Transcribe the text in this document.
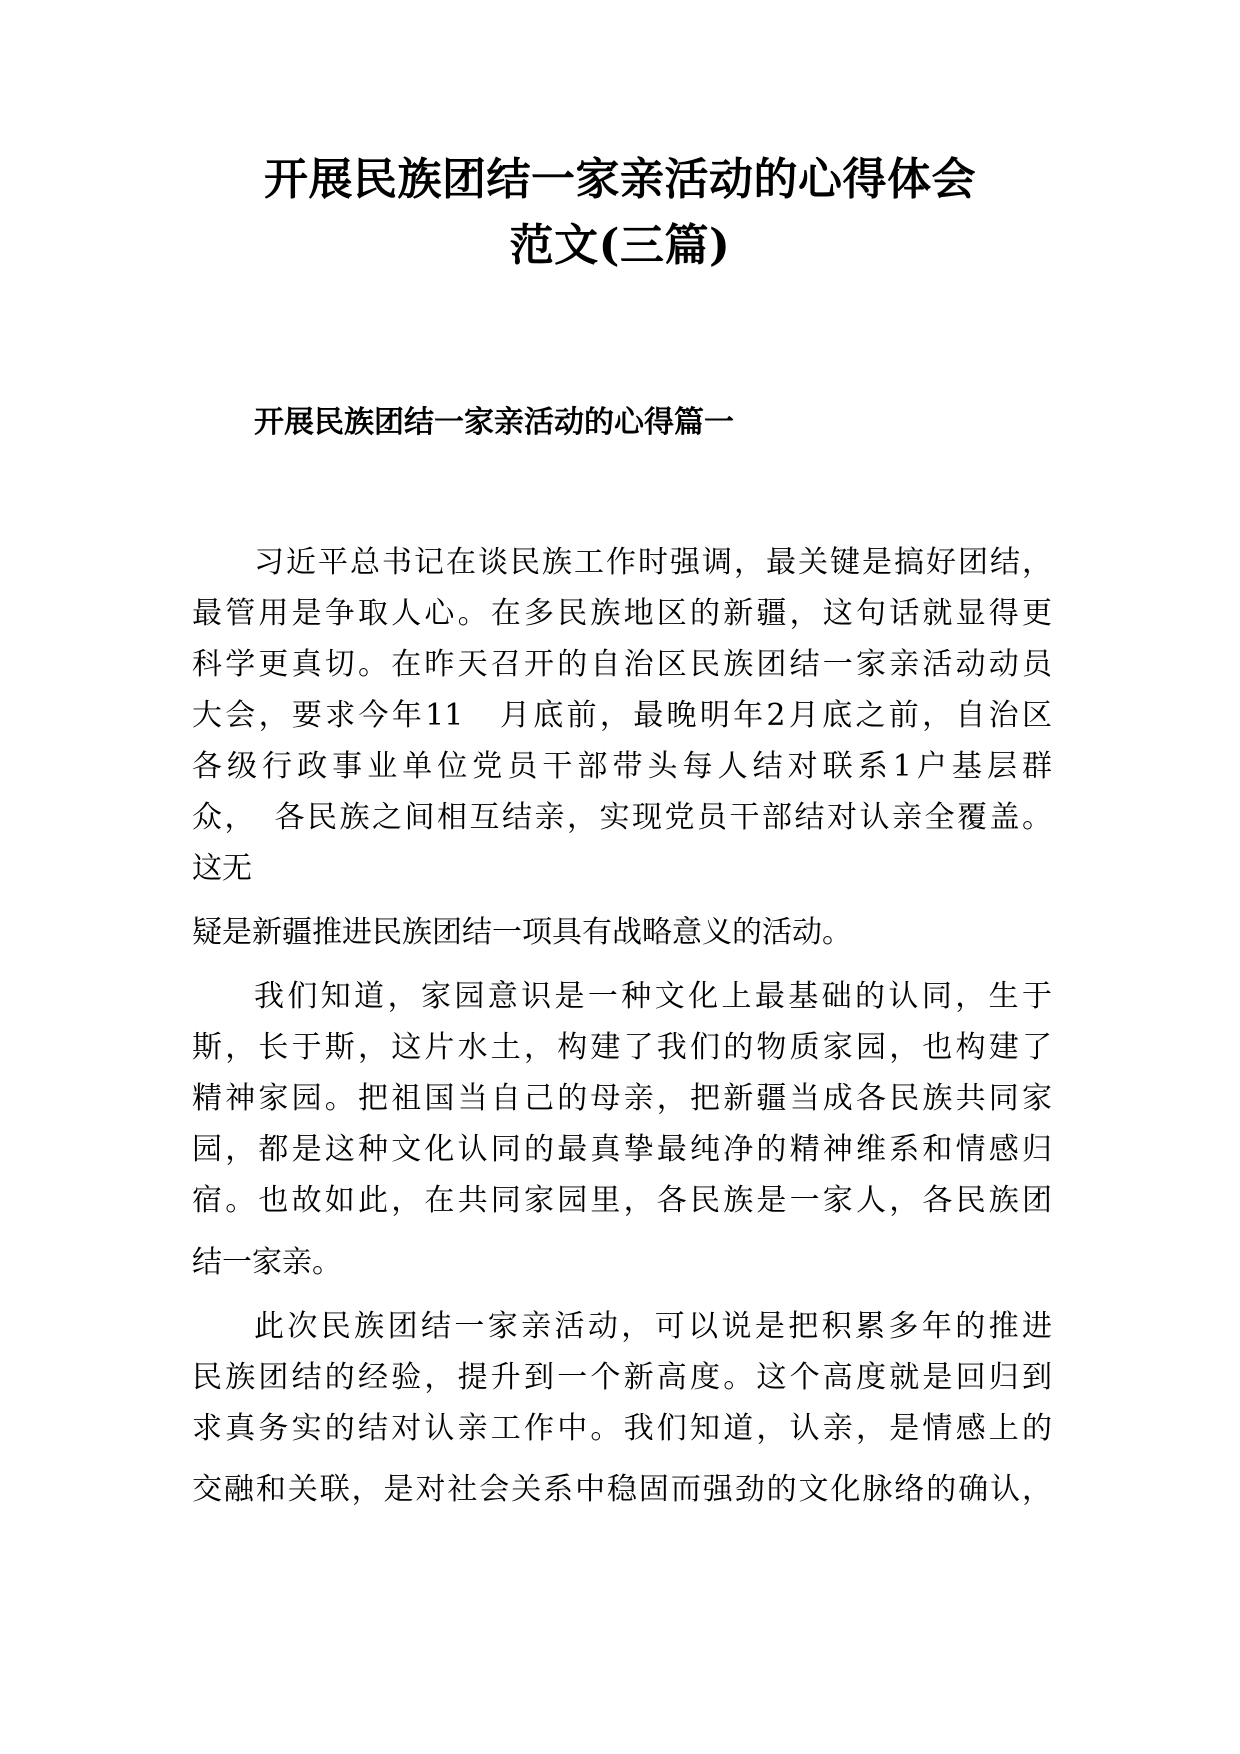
开展民族团结一家亲活动的心得体会
范文(三篇)
开展民族团结一家亲活动的心得篇一
习近平总书记在谈民族工作时强调，最关键是搞好团结，
最管用是争取人心。在多民族地区的新疆，这句话就显得更
科学更真切。在昨天召开的自治区民族团结一家亲活动动员
大会，要求今年11　月底前，最晚明年2月底之前，自治区
各级行政事业单位党员干部带头每人结对联系1户基层群
众，　各民族之间相互结亲，实现党员干部结对认亲全覆盖。
这无
疑是新疆推进民族团结一项具有战略意义的活动。
我们知道，家园意识是一种文化上最基础的认同，生于
斯，长于斯，这片水土，构建了我们的物质家园，也构建了
精神家园。把祖国当自己的母亲，把新疆当成各民族共同家
园，都是这种文化认同的最真挚最纯净的精神维系和情感归
宿。也故如此，在共同家园里，各民族是一家人，各民族团
结一家亲。
此次民族团结一家亲活动，可以说是把积累多年的推进
民族团结的经验，提升到一个新高度。这个高度就是回归到
求真务实的结对认亲工作中。我们知道，认亲，是情感上的
交融和关联，是对社会关系中稳固而强劲的文化脉络的确认，
